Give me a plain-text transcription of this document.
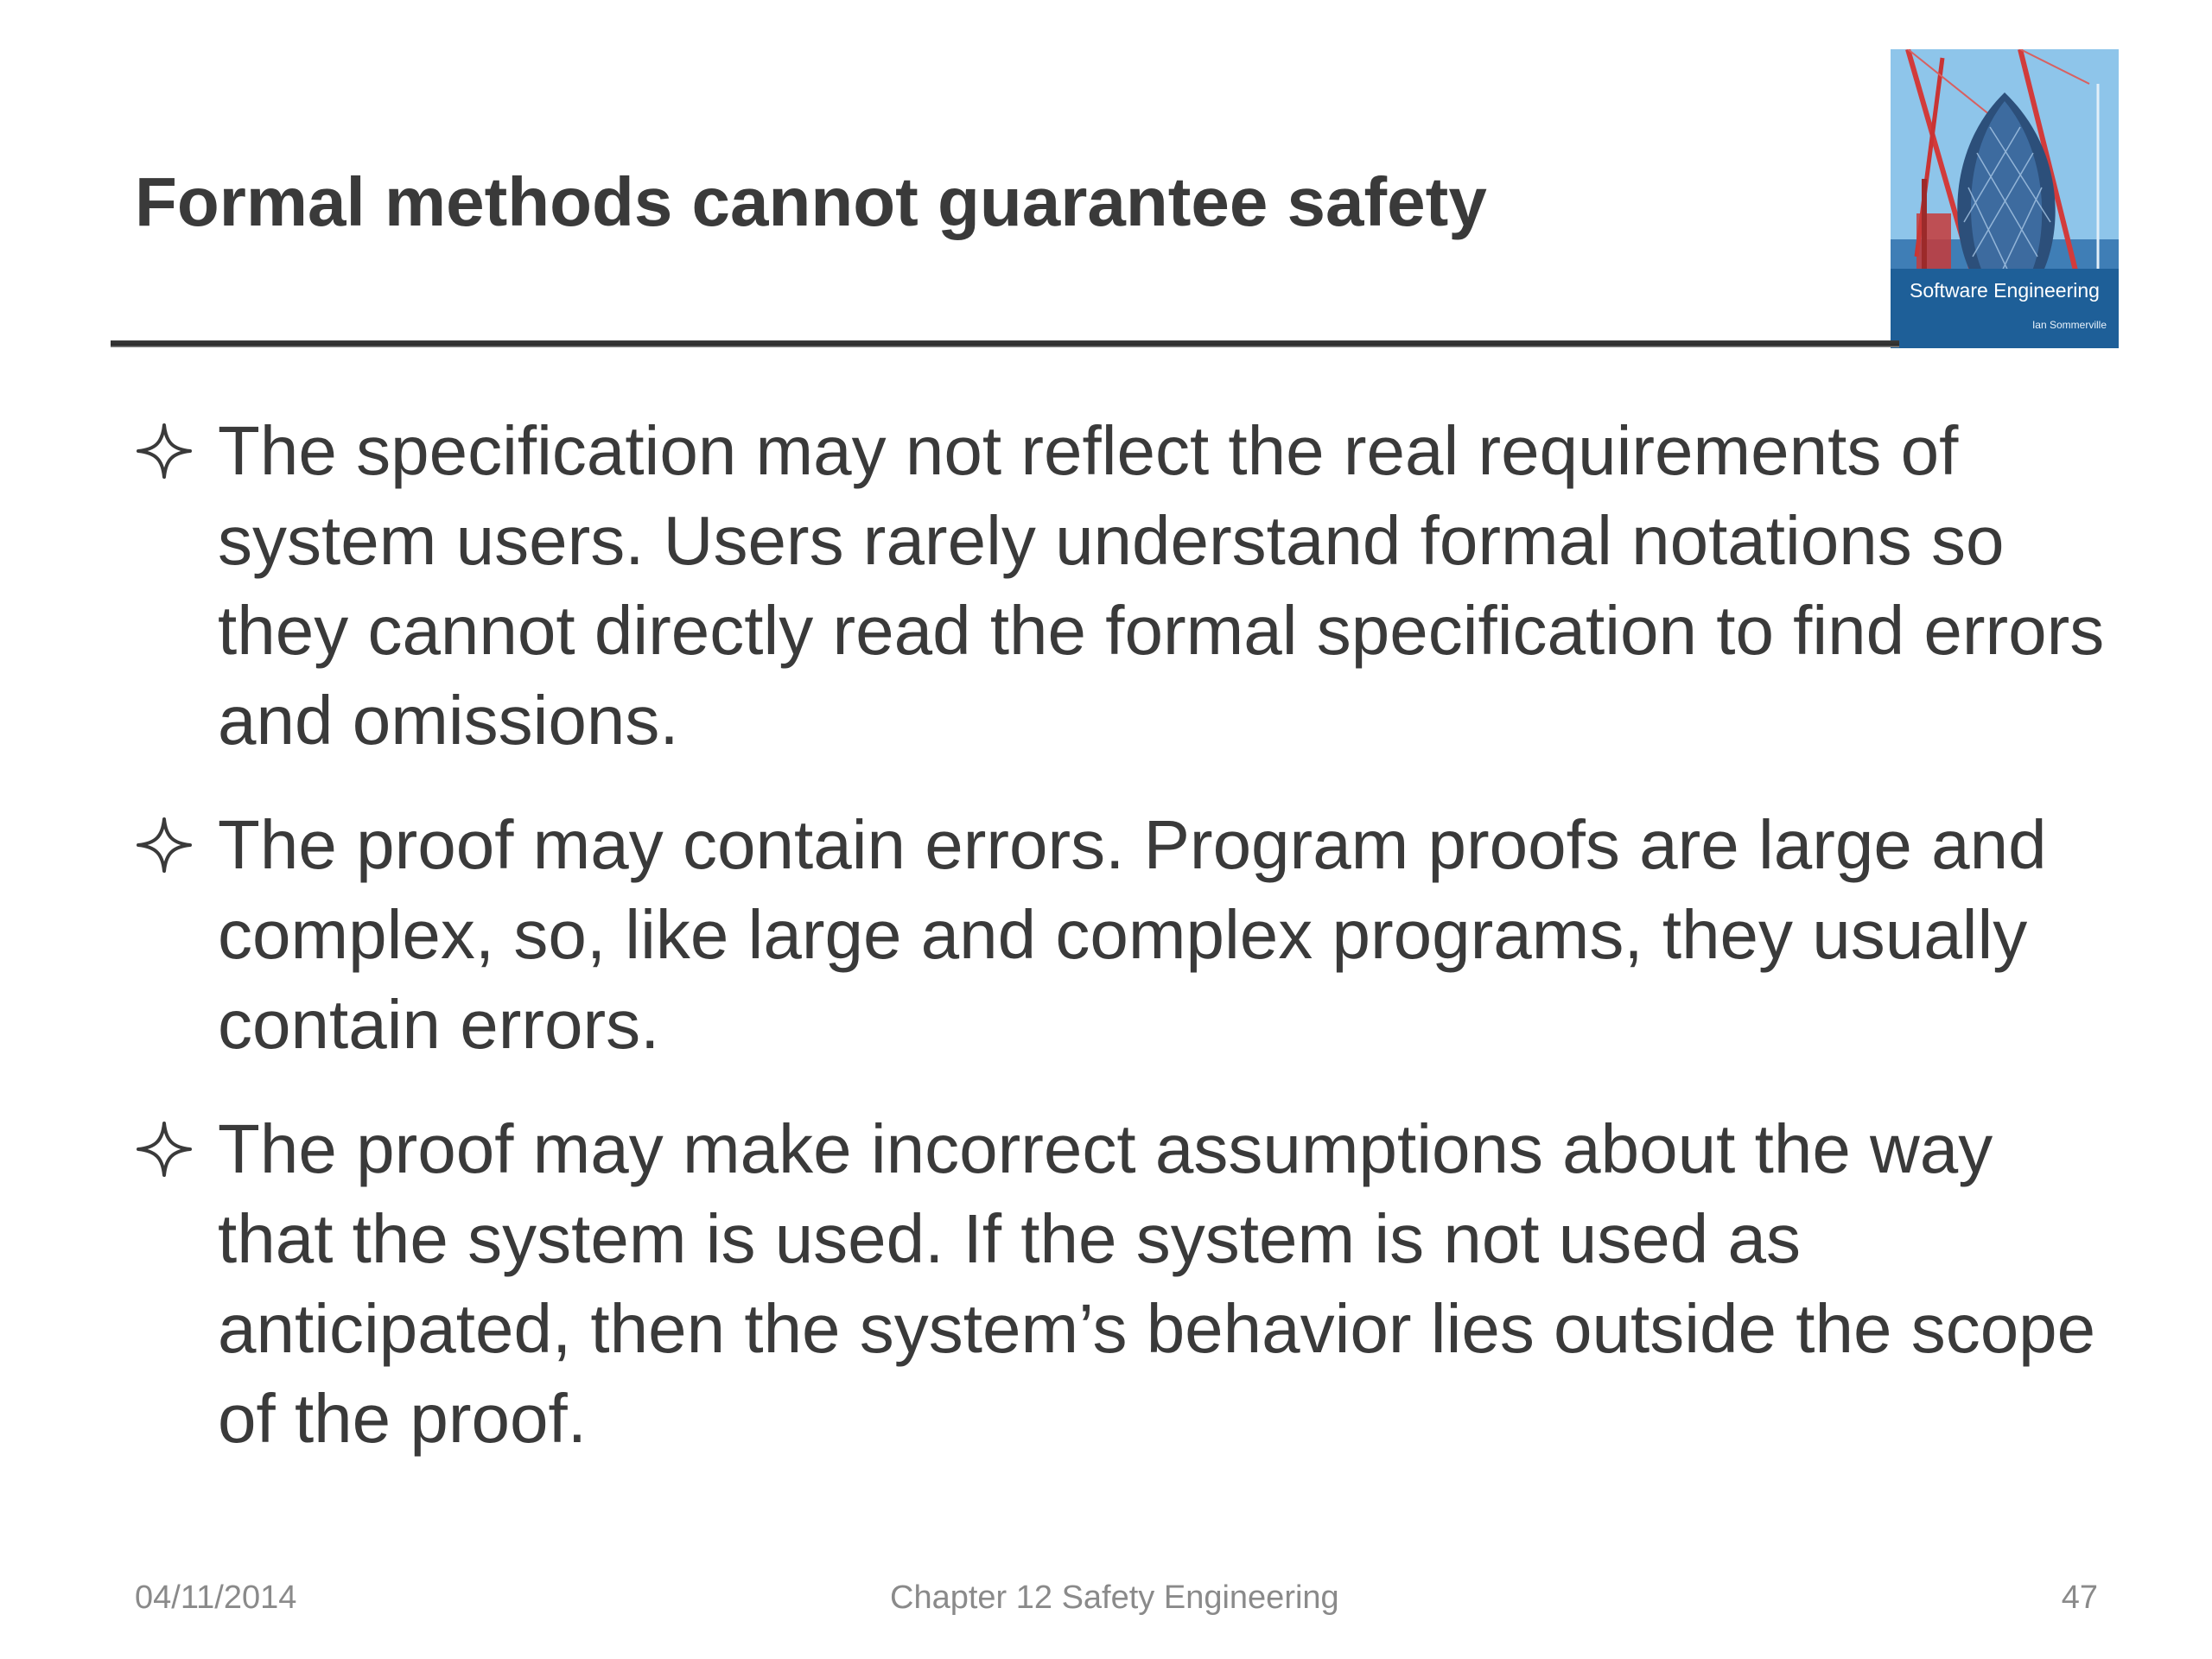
Formal methods cannot guarantee safety
Software Engineering
Ian Sommerville
The specification may not reflect the real requirements of system users. Users rarely understand formal notations so they cannot directly read the formal specification to find errors and omissions.
The proof may contain errors. Program proofs are large and complex, so, like large and complex programs, they usually contain errors.
The proof may make incorrect assumptions about the way that the system is used. If the system is not used as anticipated, then the system’s behavior lies outside the scope of the proof.
04/11/2014	Chapter 12 Safety Engineering	47
